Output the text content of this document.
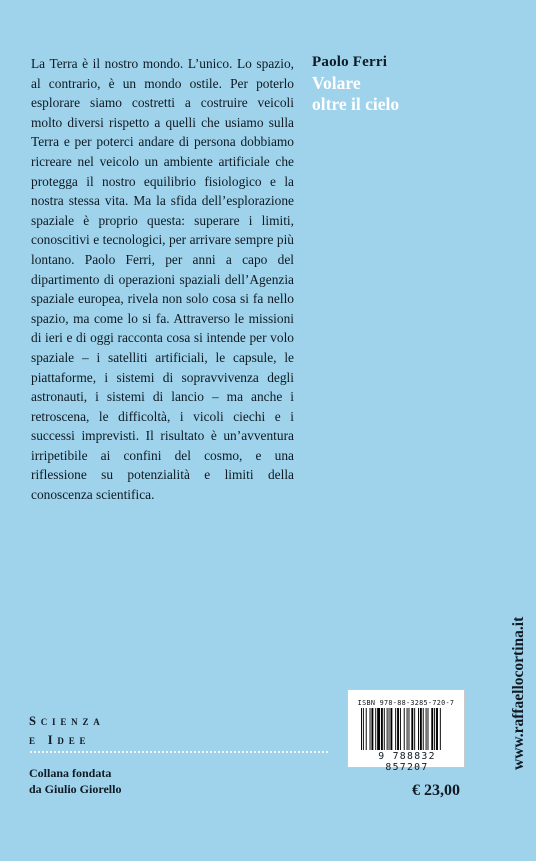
La Terra è il nostro mondo. L’unico. Lo spazio, al contrario, è un mondo ostile. Per poterlo esplorare siamo costretti a costruire veicoli molto diversi rispetto a quelli che usiamo sulla Terra e per poterci andare di persona dobbiamo ricreare nel veicolo un ambiente artificiale che protegga il nostro equilibrio fisiologico e la nostra stessa vita. Ma la sfida dell’esplorazione spaziale è proprio questa: superare i limiti, conoscitivi e tecnologici, per arrivare sempre più lontano. Paolo Ferri, per anni a capo del dipartimento di operazioni spaziali dell’Agenzia spaziale europea, rivela non solo cosa si fa nello spazio, ma come lo si fa. Attraverso le missioni di ieri e di oggi racconta cosa si intende per volo spaziale – i satelliti artificiali, le capsule, le piattaforme, i sistemi di sopravvivenza degli astronauti, i sistemi di lancio – ma anche i retroscena, le difficoltà, i vicoli ciechi e i successi imprevisti. Il risultato è un’avventura irripetibile ai confini del cosmo, e una riflessione su potenzialità e limiti della conoscenza scientifica.
Paolo Ferri
Volare
oltre il cielo
www.raffaellocortina.it
Scienza
e Idee
Collana fondata
da Giulio Giorello
ISBN 978-88-3285-720-7
9 788832 857207
€ 23,00
